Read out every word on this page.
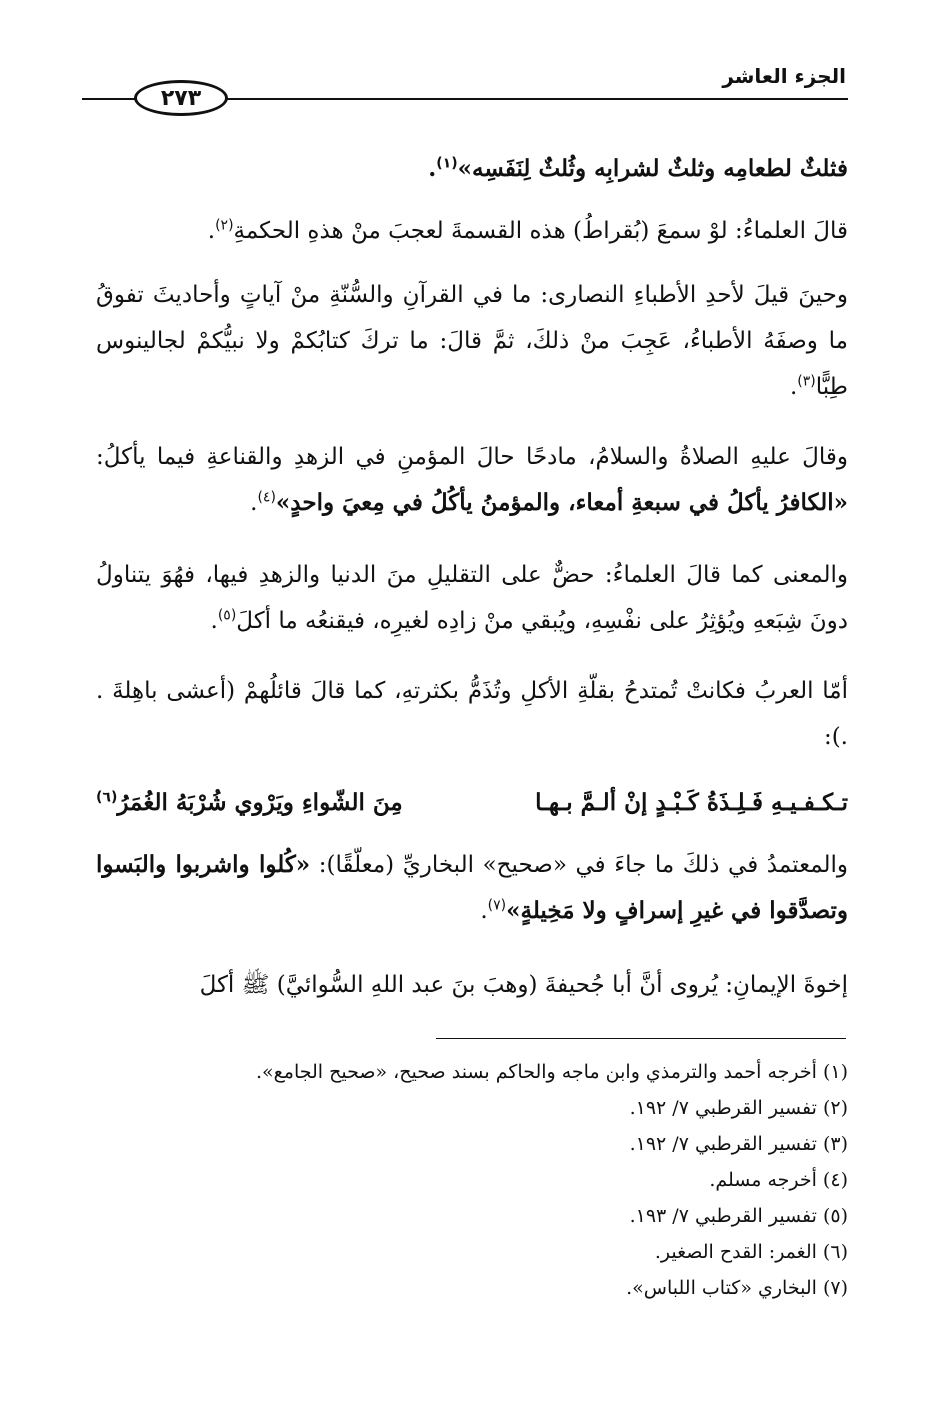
الجزء العاشر
٢٧٣
فثلثٌ لطعامِه وثلثٌ لشرابِه وثُلثٌ لِنَفَسِه»$^{(١)}$.
قالَ العلماءُ: لوْ سمعَ (بُقراطُ) هذه القسمةَ لعجبَ منْ هذهِ الحكمةِ$^{(٢)}$.
وحينَ قيلَ لأحدِ الأطباءِ النصارى: ما في القرآنِ والسُّنّةِ منْ آياتٍ وأحاديثَ تفوقُ ما وصفَهُ الأطباءُ، عَجِبَ منْ ذلكَ، ثمَّ قالَ: ما تركَ كتابُكمْ ولا نبيُّكمْ لجالينوس طِبًّا$^{(٣)}$.
وقالَ عليهِ الصلاةُ والسلامُ، مادحًا حالَ المؤمنِ في الزهدِ والقناعةِ فيما يأكلُ: «الكافرُ يأكلُ في سبعةِ أمعاء، والمؤمنُ يأكُلُ في مِعيَ واحدٍ»$^{(٤)}$.
والمعنى كما قالَ العلماءُ: حضٌّ على التقليلِ منَ الدنيا والزهدِ فيها، فهُوَ يتناولُ دونَ شِبَعهِ ويُؤثِرُ على نفْسِهِ، ويُبقي منْ زادِه لغيرِه، فيقنعُه ما أكلَ$^{(٥)}$.
أمّا العربُ فكانتْ تُمتدحُ بقلّةِ الأكلِ وتُذَمُّ بكثرتهِ، كما قالَ قائلُهمْ (أعشى باهِلةَ . .):
تـكـفـيـهِ فَـلِـذَةُ كَـبْـدٍ إنْ ألـمَّ بـهـا
مِنَ الشّواءِ ويَرْوي شُرْبَهُ الغُمَرُ$^{(٦)}$
والمعتمدُ في ذلكَ ما جاءَ في «صحيح» البخاريِّ (معلّقًا): «كُلوا واشربوا والبَسوا وتصدَّقوا في غيرِ إسرافٍ ولا مَخِيلةٍ»$^{(٧)}$.
إخوةَ الإيمانِ: يُروى أنَّ أبا جُحيفةَ (وهبَ بنَ عبد اللهِ السُّوائيَّ) ﷺ أكلَ
(١) أخرجه أحمد والترمذي وابن ماجه والحاكم بسند صحيح، «صحيح الجامع».
(٢) تفسير القرطبي ٧/ ١٩٢.
(٣) تفسير القرطبي ٧/ ١٩٢.
(٤) أخرجه مسلم.
(٥) تفسير القرطبي ٧/ ١٩٣.
(٦) الغمر: القدح الصغير.
(٧) البخاري «كتاب اللباس».
